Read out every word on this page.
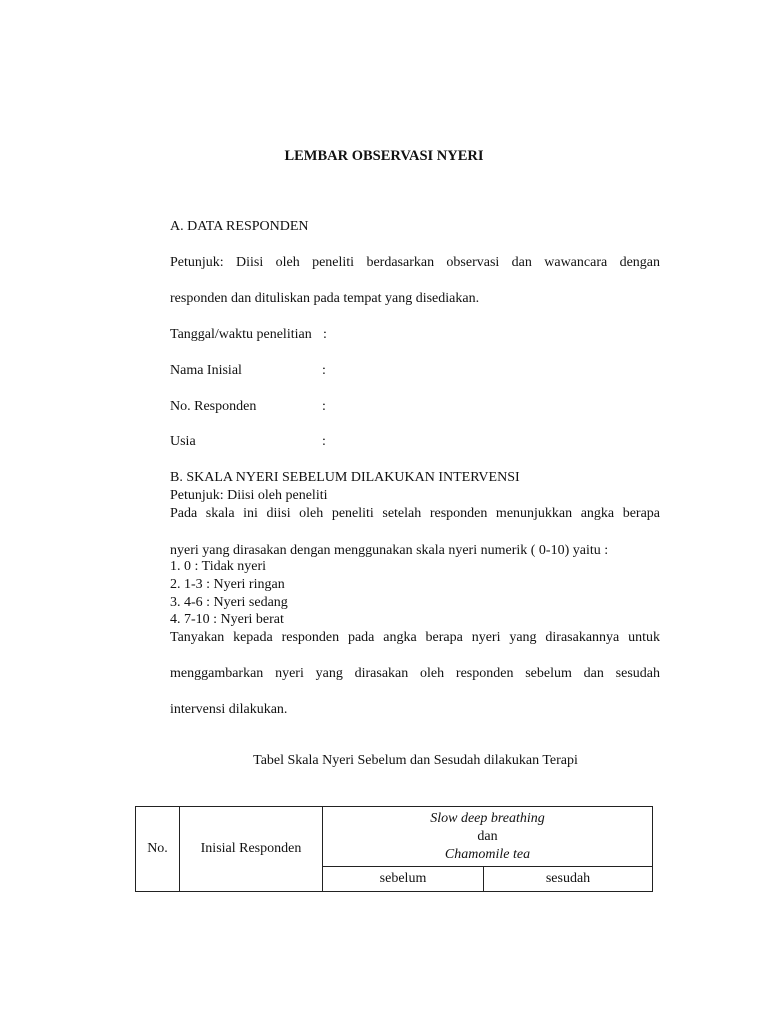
LEMBAR OBSERVASI NYERI
A. DATA RESPONDEN
Petunjuk: Diisi oleh peneliti berdasarkan observasi dan wawancara dengan
responden dan dituliskan pada tempat yang disediakan.
Tanggal/waktu penelitian :
Nama Inisial	:
No. Responden	:
Usia	:
B. SKALA NYERI SEBELUM DILAKUKAN INTERVENSI
Petunjuk: Diisi oleh peneliti
Pada skala ini diisi oleh peneliti setelah responden menunjukkan angka berapa
nyeri yang dirasakan dengan menggunakan skala nyeri numerik ( 0-10) yaitu :
1. 0 : Tidak nyeri
2. 1-3 : Nyeri ringan
3. 4-6 : Nyeri sedang
4. 7-10 : Nyeri berat
Tanyakan kepada responden pada angka berapa nyeri yang dirasakannya untuk
menggambarkan nyeri yang dirasakan oleh responden sebelum dan sesudah
intervensi dilakukan.
Tabel Skala Nyeri Sebelum dan Sesudah dilakukan Terapi
No.	Inisial Responden	Slow deep breathing
dan
Chamomile tea	

		sebelum	sesudah
